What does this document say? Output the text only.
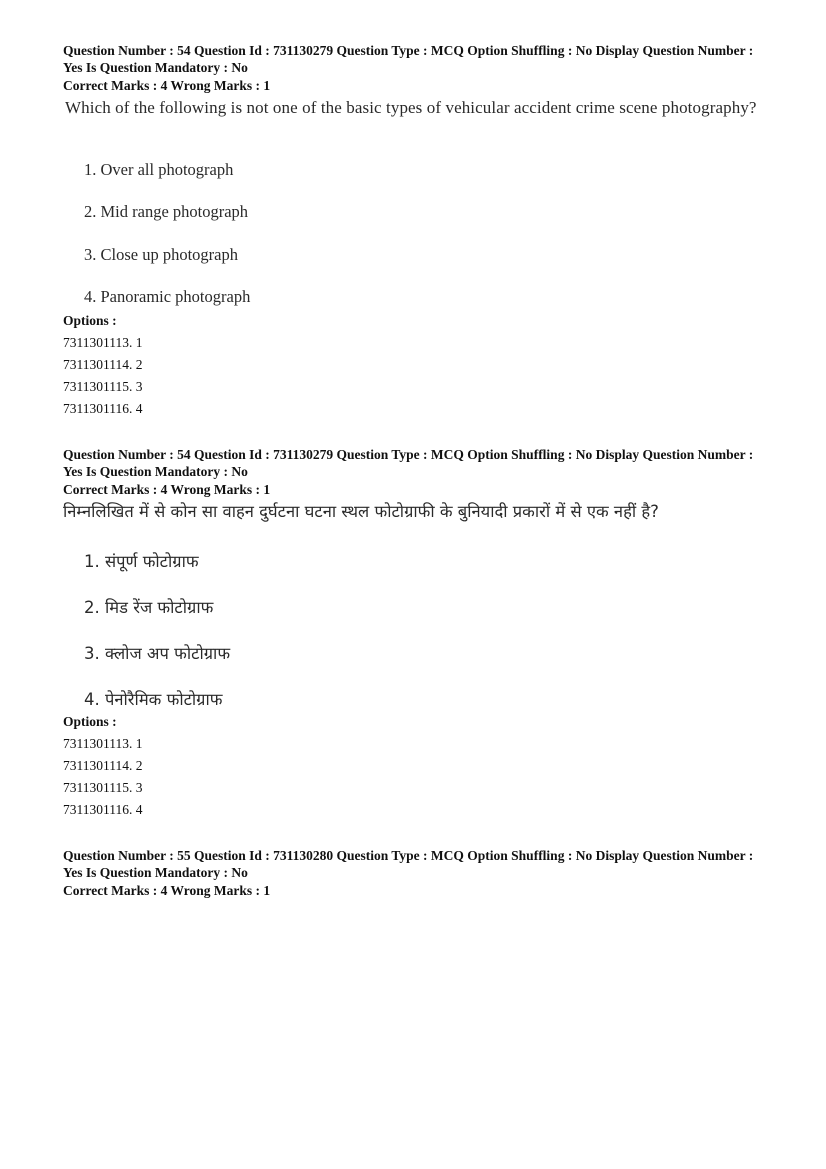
Question Number : 54 Question Id : 731130279 Question Type : MCQ Option Shuffling : No Display Question Number : Yes Is Question Mandatory : No

Correct Marks : 4 Wrong Marks : 1

Which of the following is not one of the basic types of vehicular accident crime scene photography?

1. Over all photograph
2. Mid range photograph
3. Close up photograph
4. Panoramic photograph
Options :
7311301113. 1
7311301114. 2
7311301115. 3
7311301116. 4

Question Number : 54 Question Id : 731130279 Question Type : MCQ Option Shuffling : No Display Question Number : Yes Is Question Mandatory : No

Correct Marks : 4 Wrong Marks : 1

निम्नलिखित में से कोन सा वाहन दुर्घटना घटना स्थल फोटोग्राफी के बुनियादी प्रकारों में से एक नहीं है?

1. संपूर्ण फोटोग्राफ
2. मिड रेंज फोटोग्राफ
3. क्लोज अप फोटोग्राफ
4. पेनोरैमिक फोटोग्राफ
Options :
7311301113. 1
7311301114. 2
7311301115. 3
7311301116. 4

Question Number : 55 Question Id : 731130280 Question Type : MCQ Option Shuffling : No Display Question Number : Yes Is Question Mandatory : No

Correct Marks : 4 Wrong Marks : 1
